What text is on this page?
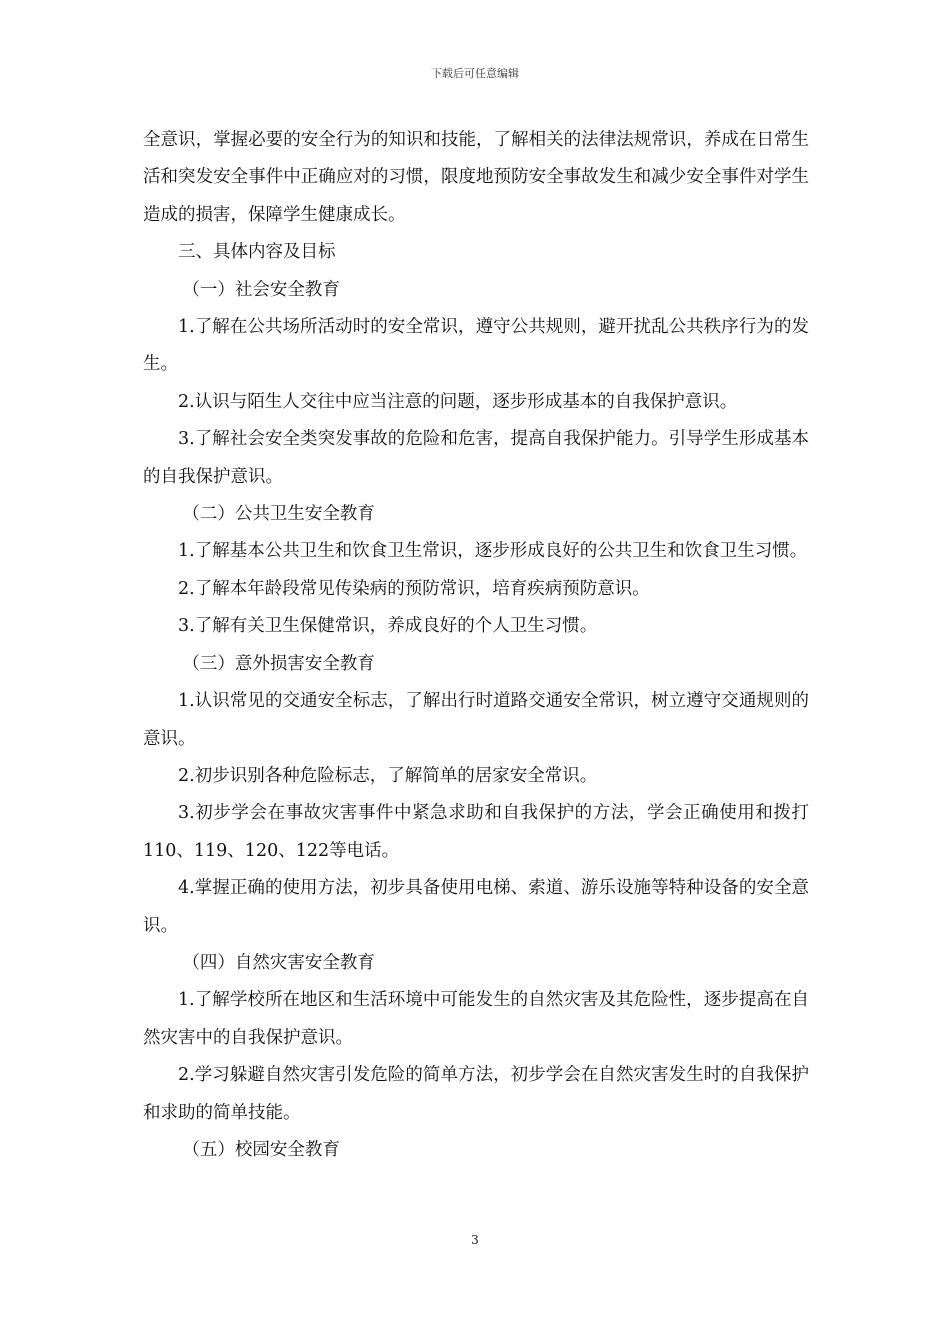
下载后可任意编辑

全意识，掌握必要的安全行为的知识和技能，了解相关的法律法规常识，养成在日常生活和突发安全事件中正确应对的习惯，限度地预防安全事故发生和减少安全事件对学生造成的损害，保障学生健康成长。

三、具体内容及目标

（一）社会安全教育

1.了解在公共场所活动时的安全常识，遵守公共规则，避开扰乱公共秩序行为的发生。

2.认识与陌生人交往中应当注意的问题，逐步形成基本的自我保护意识。

3.了解社会安全类突发事故的危险和危害，提高自我保护能力。引导学生形成基本的自我保护意识。

（二）公共卫生安全教育

1.了解基本公共卫生和饮食卫生常识，逐步形成良好的公共卫生和饮食卫生习惯。

2.了解本年龄段常见传染病的预防常识，培育疾病预防意识。

3.了解有关卫生保健常识，养成良好的个人卫生习惯。

（三）意外损害安全教育

1.认识常见的交通安全标志，了解出行时道路交通安全常识，树立遵守交通规则的意识。

2.初步识别各种危险标志，了解简单的居家安全常识。

3.初步学会在事故灾害事件中紧急求助和自我保护的方法，学会正确使用和拨打110、119、120、122等电话。

4.掌握正确的使用方法，初步具备使用电梯、索道、游乐设施等特种设备的安全意识。

（四）自然灾害安全教育

1.了解学校所在地区和生活环境中可能发生的自然灾害及其危险性，逐步提高在自然灾害中的自我保护意识。

2.学习躲避自然灾害引发危险的简单方法，初步学会在自然灾害发生时的自我保护和求助的简单技能。

（五）校园安全教育

3
